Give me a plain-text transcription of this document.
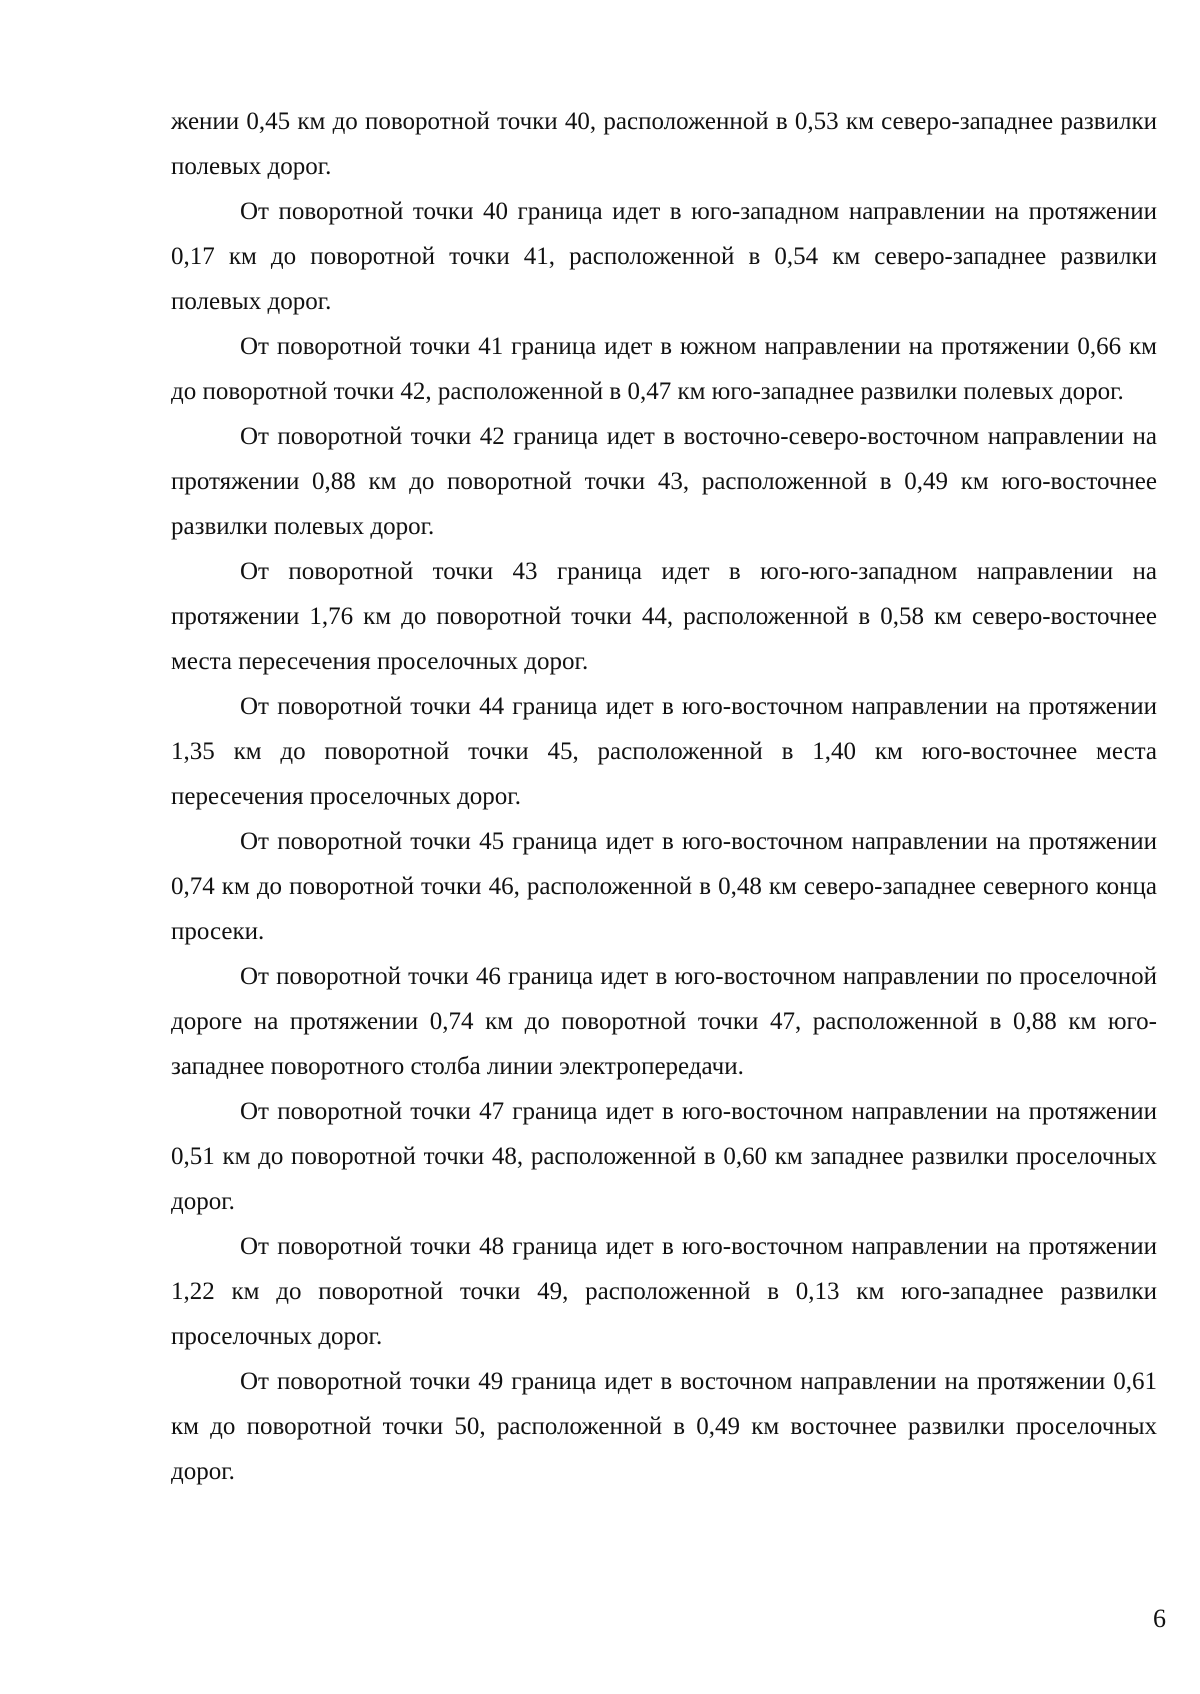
жении 0,45 км до поворотной точки 40, расположенной в 0,53 км северо-западнее развилки полевых дорог.

От поворотной точки 40 граница идет в юго-западном направлении на протяжении 0,17 км до поворотной точки 41, расположенной в 0,54 км северо-западнее развилки полевых дорог.

От поворотной точки 41 граница идет в южном направлении на протяжении 0,66 км до поворотной точки 42, расположенной в 0,47 км юго-западнее развилки полевых дорог.

От поворотной точки 42 граница идет в восточно-северо-восточном направлении на протяжении 0,88 км до поворотной точки 43, расположенной в 0,49 км юго-восточнее развилки полевых дорог.

От поворотной точки 43 граница идет в юго-юго-западном направлении на протяжении 1,76 км до поворотной точки 44, расположенной в 0,58 км северо-восточнее места пересечения проселочных дорог.

От поворотной точки 44 граница идет в юго-восточном направлении на протяжении 1,35 км до поворотной точки 45, расположенной в 1,40 км юго-восточнее места пересечения проселочных дорог.

От поворотной точки 45 граница идет в юго-восточном направлении на протяжении 0,74 км до поворотной точки 46, расположенной в 0,48 км северо-западнее северного конца просеки.

От поворотной точки 46 граница идет в юго-восточном направлении по проселочной дороге на протяжении 0,74 км до поворотной точки 47, расположенной в 0,88 км юго-западнее поворотного столба линии электропередачи.

От поворотной точки 47 граница идет в юго-восточном направлении на протяжении 0,51 км до поворотной точки 48, расположенной в 0,60 км западнее развилки проселочных дорог.

От поворотной точки 48 граница идет в юго-восточном направлении на протяжении 1,22 км до поворотной точки 49, расположенной в 0,13 км юго-западнее развилки проселочных дорог.

От поворотной точки 49 граница идет в восточном направлении на протяжении 0,61 км до поворотной точки 50, расположенной в 0,49 км восточнее развилки проселочных дорог.

6
